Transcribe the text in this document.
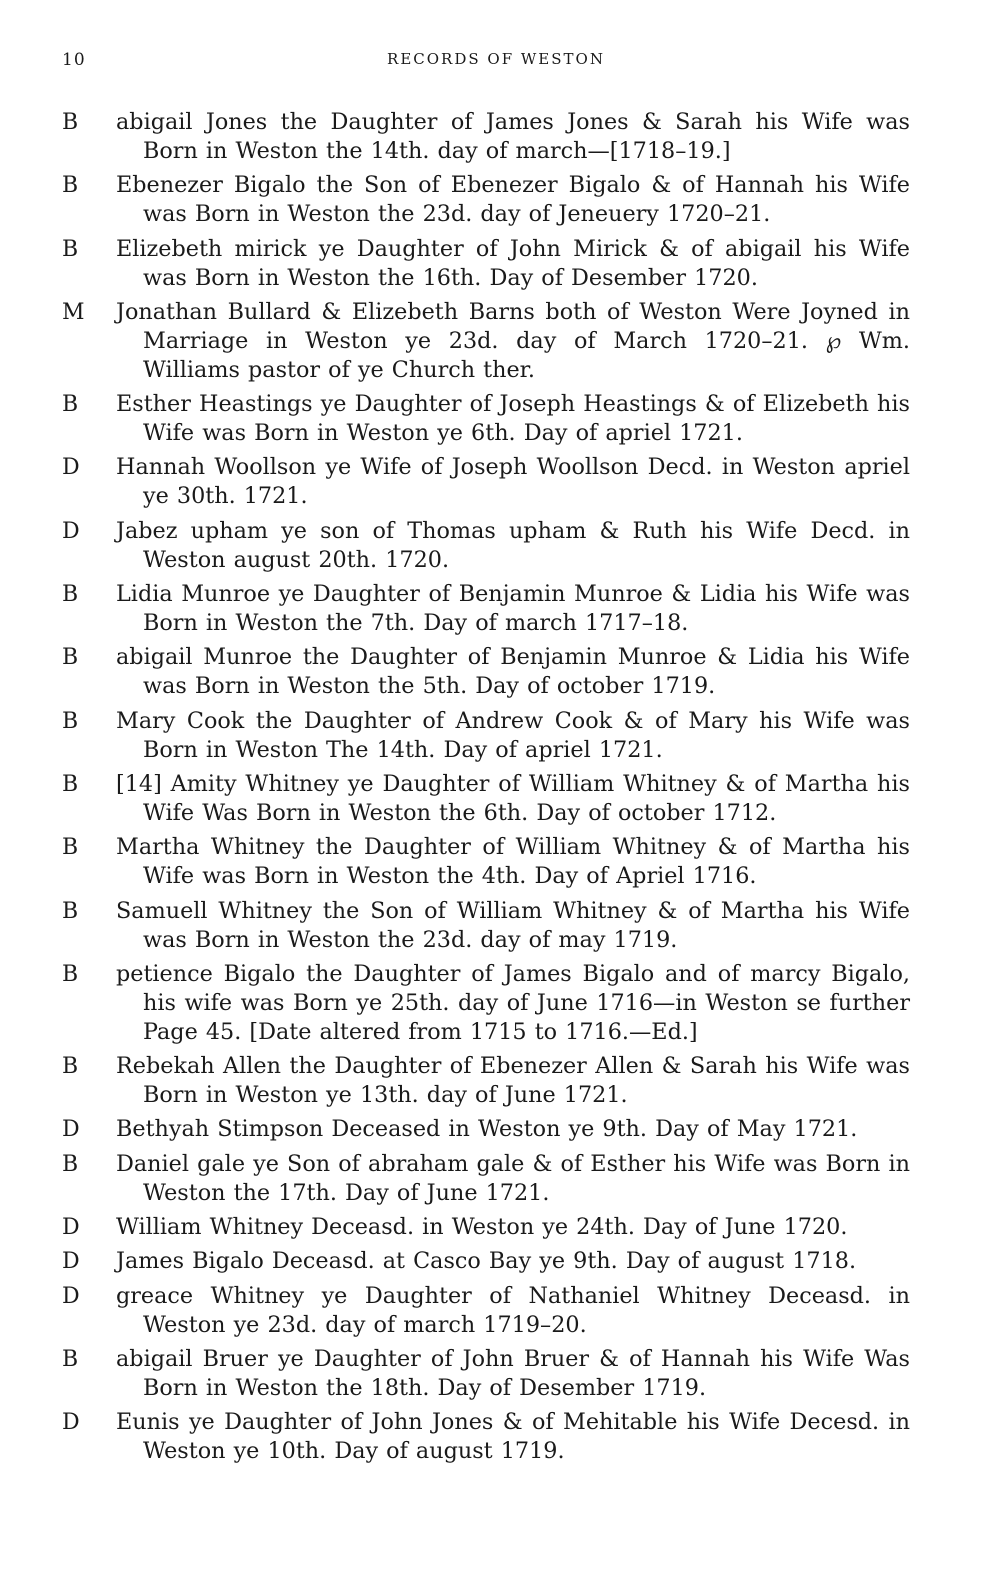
10	RECORDS OF WESTON
B	abigail Jones the Daughter of James Jones & Sarah his Wife was Born in Weston the 14th. day of march—[1718–19.]
B	Ebenezer Bigalo the Son of Ebenezer Bigalo & of Hannah his Wife was Born in Weston the 23d. day of Jeneuery 1720–21.
B	Elizebeth mirick ye Daughter of John Mirick & of abigail his Wife was Born in Weston the 16th. Day of Desember 1720.
M	Jonathan Bullard & Elizebeth Barns both of Weston Were Joyned in Marriage in Weston ye 23d. day of March 1720–21. ℘ Wm. Williams pastor of ye Church ther.
B	Esther Heastings ye Daughter of Joseph Heastings & of Elizebeth his Wife was Born in Weston ye 6th. Day of apriel 1721.
D	Hannah Woollson ye Wife of Joseph Woollson Decd. in Weston apriel ye 30th. 1721.
D	Jabez upham ye son of Thomas upham & Ruth his Wife Decd. in Weston august 20th. 1720.
B	Lidia Munroe ye Daughter of Benjamin Munroe & Lidia his Wife was Born in Weston the 7th. Day of march 1717–18.
B	abigail Munroe the Daughter of Benjamin Munroe & Lidia his Wife was Born in Weston the 5th. Day of october 1719.
B	Mary Cook the Daughter of Andrew Cook & of Mary his Wife was Born in Weston The 14th. Day of apriel 1721.
B	[14] Amity Whitney ye Daughter of William Whitney & of Martha his Wife Was Born in Weston the 6th. Day of october 1712.
B	Martha Whitney the Daughter of William Whitney & of Martha his Wife was Born in Weston the 4th. Day of Apriel 1716.
B	Samuell Whitney the Son of William Whitney & of Martha his Wife was Born in Weston the 23d. day of may 1719.
B	petience Bigalo the Daughter of James Bigalo and of marcy Bigalo, his wife was Born ye 25th. day of June 1716—in Weston se further Page 45. [Date altered from 1715 to 1716.—Ed.]
B	Rebekah Allen the Daughter of Ebenezer Allen & Sarah his Wife was Born in Weston ye 13th. day of June 1721.
D	Bethyah Stimpson Deceased in Weston ye 9th. Day of May 1721.
B	Daniel gale ye Son of abraham gale & of Esther his Wife was Born in Weston the 17th. Day of June 1721.
D	William Whitney Deceasd. in Weston ye 24th. Day of June 1720.
D	James Bigalo Deceasd. at Casco Bay ye 9th. Day of august 1718.
D	greace Whitney ye Daughter of Nathaniel Whitney Deceasd. in Weston ye 23d. day of march 1719–20.
B	abigail Bruer ye Daughter of John Bruer & of Hannah his Wife Was Born in Weston the 18th. Day of Desember 1719.
D	Eunis ye Daughter of John Jones & of Mehitable his Wife Decesd. in Weston ye 10th. Day of august 1719.
